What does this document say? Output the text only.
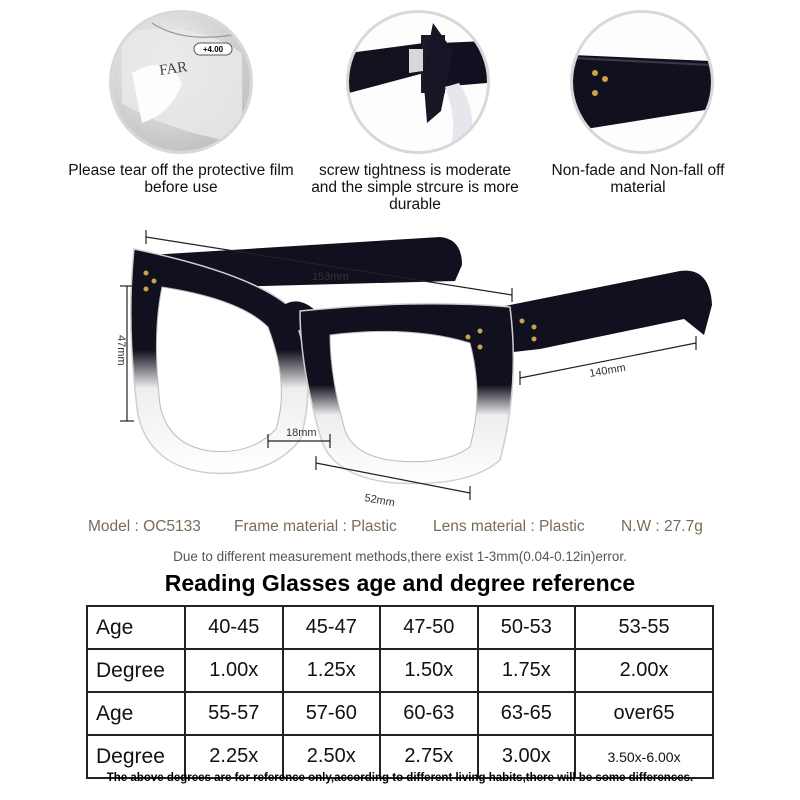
+4.00
FAR
Please tear off the protective film before use
screw tightness is moderate and the simple strcure is more durable
Non-fade and Non-fall off material
153mm
140mm
47mm
18mm
52mm
Model : OC5133 Frame material : Plastic Lens material : Plastic N.W : 27.7g
Due to different measurement methods,there exist 1-3mm(0.04-0.12in)error.
Reading Glasses age and degree reference
Age	40-45	45-47	47-50	50-53	53-55
Degree	1.00x	1.25x	1.50x	1.75x	2.00x
Age	55-57	57-60	60-63	63-65	over65
Degree	2.25x	2.50x	2.75x	3.00x	3.50x-6.00x
The above degrees are for reference only,according to different living habits,there will be some differences.
